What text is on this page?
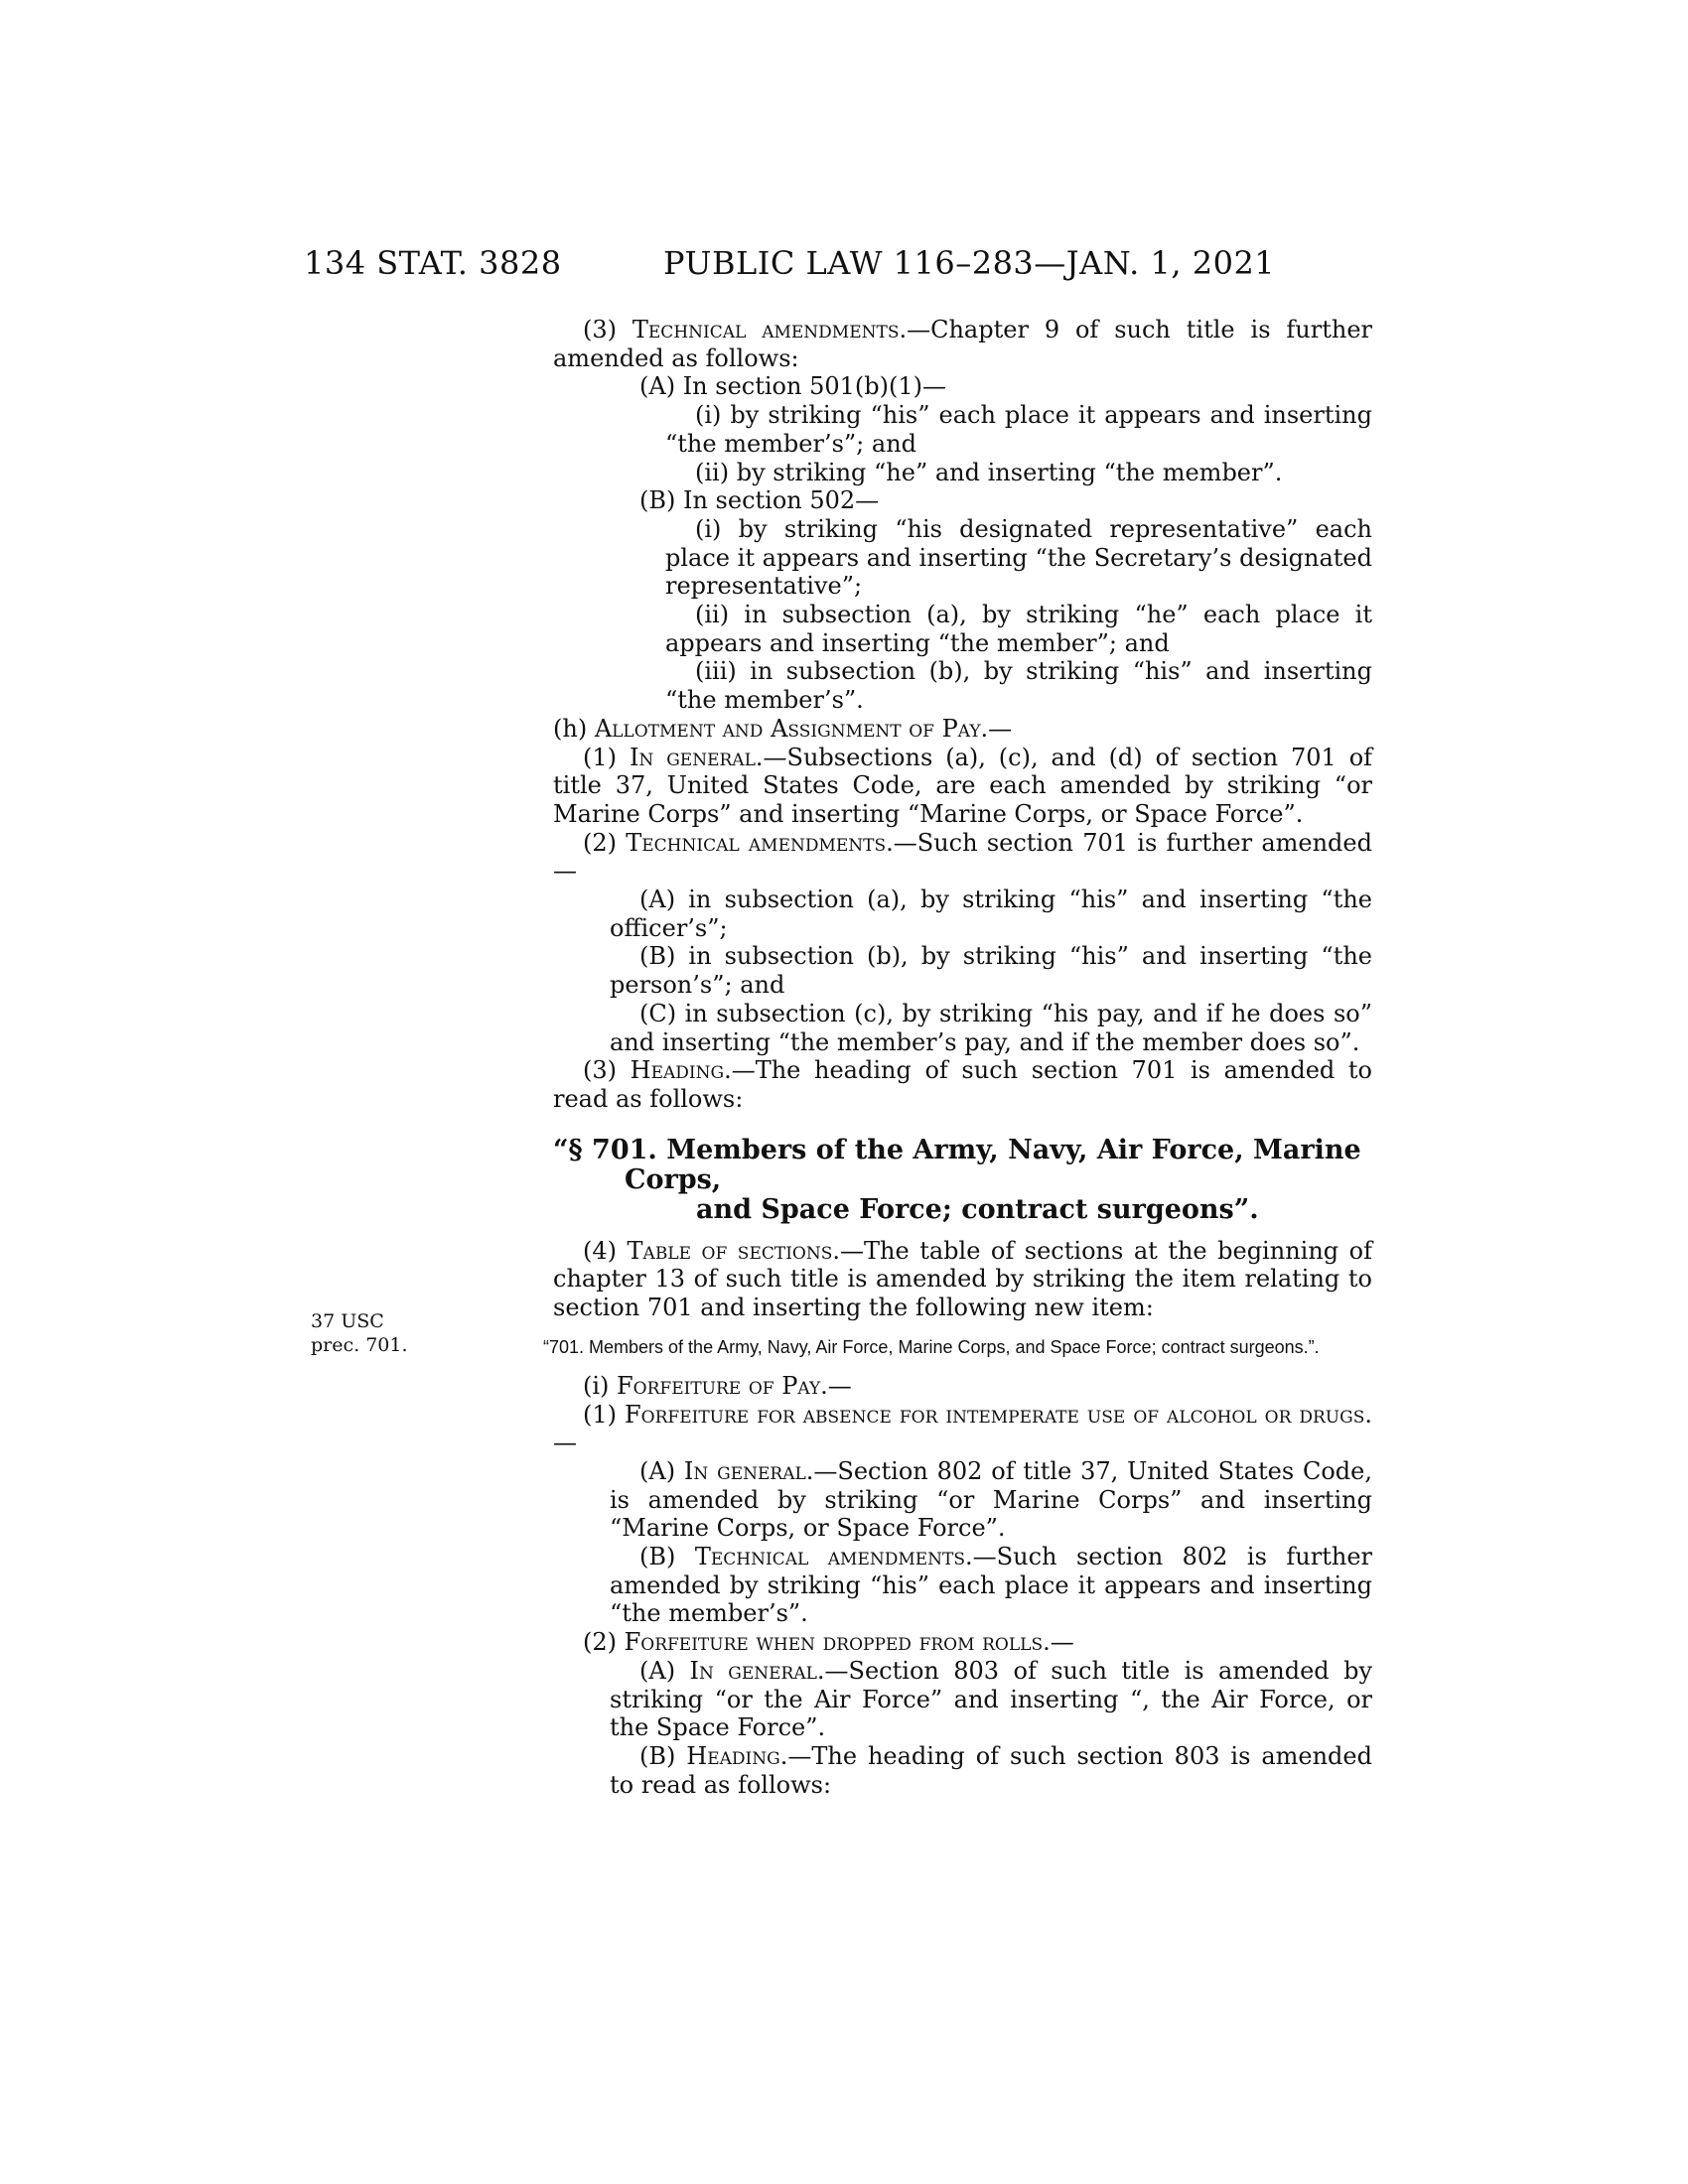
134 STAT. 3828	PUBLIC LAW 116–283—JAN. 1, 2021
37 USC
prec. 701.

(3) Technical amendments.—Chapter 9 of such title is further amended as follows:

(A) In section 501(b)(1)—

(i) by striking “his” each place it appears and inserting “the member’s”; and

(ii) by striking “he” and inserting “the member”.

(B) In section 502—

(i) by striking “his designated representative” each place it appears and inserting “the Secretary’s designated representative”;

(ii) in subsection (a), by striking “he” each place it appears and inserting “the member”; and

(iii) in subsection (b), by striking “his” and inserting “the member’s”.

(h) Allotment and Assignment of Pay.—

(1) In general.—Subsections (a), (c), and (d) of section 701 of title 37, United States Code, are each amended by striking “or Marine Corps” and inserting “Marine Corps, or Space Force”.

(2) Technical amendments.—Such section 701 is further amended—

(A) in subsection (a), by striking “his” and inserting “the officer’s”;

(B) in subsection (b), by striking “his” and inserting “the person’s”; and

(C) in subsection (c), by striking “his pay, and if he does so” and inserting “the member’s pay, and if the member does so”.

(3) Heading.—The heading of such section 701 is amended to read as follows:

“§ 701. Members of the Army, Navy, Air Force, Marine Corps,
and Space Force; contract surgeons”.

(4) Table of sections.—The table of sections at the beginning of chapter 13 of such title is amended by striking the item relating to section 701 and inserting the following new item:

“701. Members of the Army, Navy, Air Force, Marine Corps, and Space Force; contract surgeons.”.

(i) Forfeiture of Pay.—

(1) Forfeiture for absence for intemperate use of alcohol or drugs.—

(A) In general.—Section 802 of title 37, United States Code, is amended by striking “or Marine Corps” and inserting “Marine Corps, or Space Force”.

(B) Technical amendments.—Such section 802 is further amended by striking “his” each place it appears and inserting “the member’s”.

(2) Forfeiture when dropped from rolls.—

(A) In general.—Section 803 of such title is amended by striking “or the Air Force” and inserting “, the Air Force, or the Space Force”.

(B) Heading.—The heading of such section 803 is amended to read as follows:
